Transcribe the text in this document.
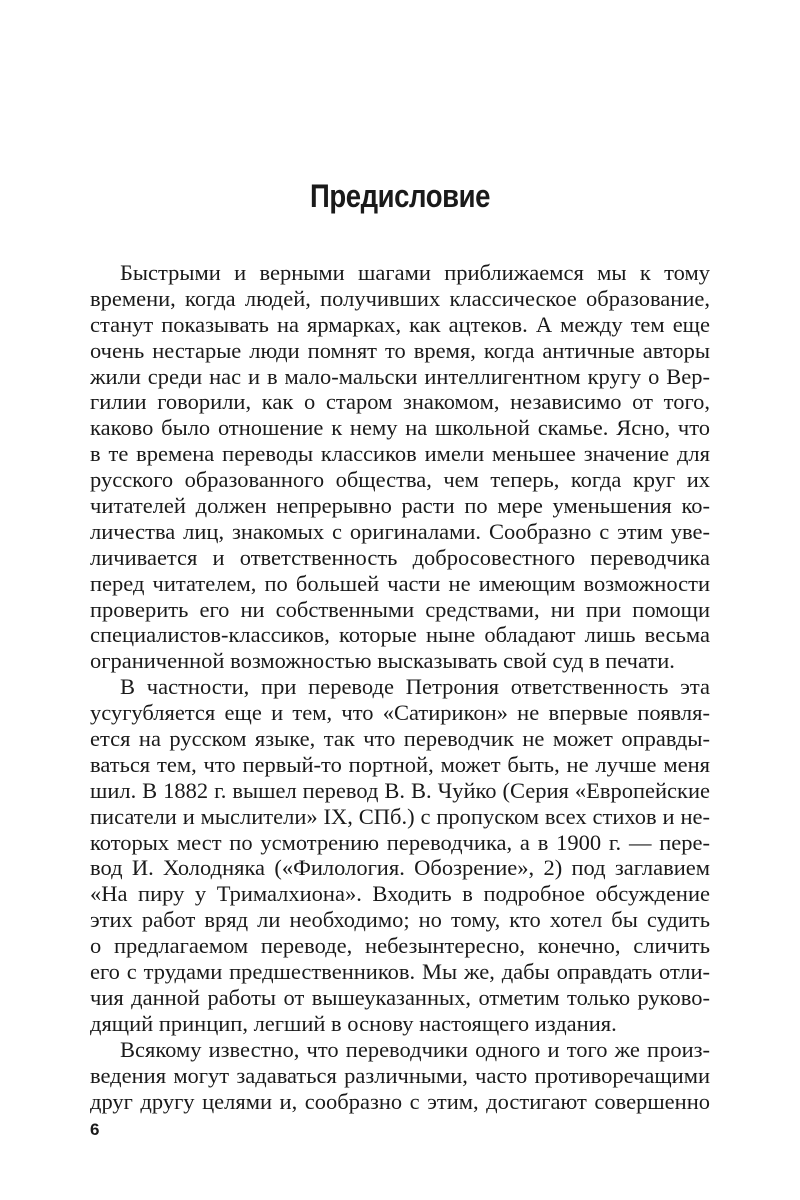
Предисловие
Быстрыми и верными шагами приближаемся мы к тому
времени, когда людей, получивших классическое образование,
станут показывать на ярмарках, как ацтеков. А между тем еще
очень нестарые люди помнят то время, когда античные авторы
жили среди нас и в мало-мальски интеллигентном кругу о Вер-
гилии говорили, как о старом знакомом, независимо от того,
каково было отношение к нему на школьной скамье. Ясно, что
в те времена переводы классиков имели меньшее значение для
русского образованного общества, чем теперь, когда круг их
читателей должен непрерывно расти по мере уменьшения ко-
личества лиц, знакомых с оригиналами. Сообразно с этим уве-
личивается и ответственность добросовестного переводчика
перед читателем, по большей части не имеющим возможности
проверить его ни собственными средствами, ни при помощи
специалистов-классиков, которые ныне обладают лишь весьма
ограниченной возможностью высказывать свой суд в печати.
В частности, при переводе Петрония ответственность эта
усугубляется еще и тем, что «Сатирикон» не впервые появля-
ется на русском языке, так что переводчик не может оправды-
ваться тем, что первый-то портной, может быть, не лучше меня
шил. В 1882 г. вышел перевод В. В. Чуйко (Серия «Европейские
писатели и мыслители» IX, СПб.) с пропуском всех стихов и не-
которых мест по усмотрению переводчика, а в 1900 г. — пере-
вод И. Холодняка («Филология. Обозрение», 2) под заглавием
«На пиру у Трималхиона». Входить в подробное обсуждение
этих работ вряд ли необходимо; но тому, кто хотел бы судить
о предлагаемом переводе, небезынтересно, конечно, сличить
его с трудами предшественников. Мы же, дабы оправдать отли-
чия данной работы от вышеуказанных, отметим только руково-
дящий принцип, легший в основу настоящего издания.
Всякому известно, что переводчики одного и того же произ-
ведения могут задаваться различными, часто противоречащими
друг другу целями и, сообразно с этим, достигают совершенно
6
